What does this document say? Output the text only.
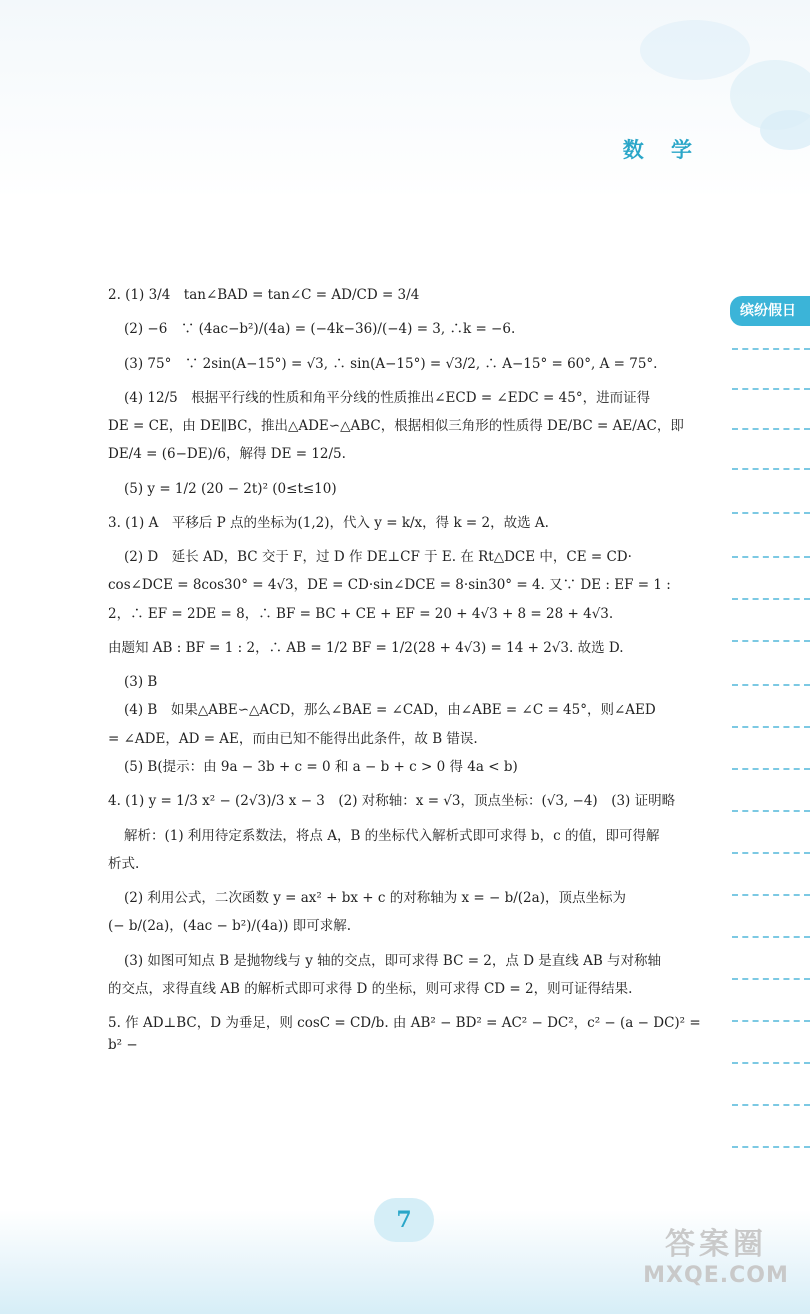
数 学
缤纷假日
2. (1) 3/4　tan∠BAD = tan∠C = AD/CD = 3/4
(2) −6　∵ (4ac−b²)/(4a) = (−4k−36)/(−4) = 3, ∴k = −6.
(3) 75°　∵ 2sin(A−15°) = √3, ∴ sin(A−15°) = √3/2, ∴ A−15° = 60°, A = 75°.
(4) 12/5　根据平行线的性质和角平分线的性质推出∠ECD = ∠EDC = 45°，进而证得
DE = CE，由 DE∥BC，推出△ADE∽△ABC，根据相似三角形的性质得 DE/BC = AE/AC，即
DE/4 = (6−DE)/6，解得 DE = 12/5.
(5) y = 1/2 (20 − 2t)² (0≤t≤10)
3. (1) A　平移后 P 点的坐标为(1,2)，代入 y = k/x，得 k = 2，故选 A.
(2) D　延长 AD，BC 交于 F，过 D 作 DE⊥CF 于 E. 在 Rt△DCE 中，CE = CD·
cos∠DCE = 8cos30° = 4√3，DE = CD·sin∠DCE = 8·sin30° = 4. 又∵ DE : EF = 1 :
2，∴ EF = 2DE = 8，∴ BF = BC + CE + EF = 20 + 4√3 + 8 = 28 + 4√3.
由题知 AB : BF = 1 : 2，∴ AB = 1/2 BF = 1/2(28 + 4√3) = 14 + 2√3. 故选 D.
(3) B
(4) B　如果△ABE∽△ACD，那么∠BAE = ∠CAD，由∠ABE = ∠C = 45°，则∠AED
= ∠ADE，AD = AE，而由已知不能得出此条件，故 B 错误.
(5) B(提示：由 9a − 3b + c = 0 和 a − b + c > 0 得 4a < b)
4. (1) y = 1/3 x² − (2√3)/3 x − 3　(2) 对称轴：x = √3，顶点坐标：(√3, −4)　(3) 证明略
解析：(1) 利用待定系数法，将点 A，B 的坐标代入解析式即可求得 b，c 的值，即可得解
析式.
(2) 利用公式，二次函数 y = ax² + bx + c 的对称轴为 x = − b/(2a)，顶点坐标为
(− b/(2a)，(4ac − b²)/(4a)) 即可求解.
(3) 如图可知点 B 是抛物线与 y 轴的交点，即可求得 BC = 2，点 D 是直线 AB 与对称轴
的交点，求得直线 AB 的解析式即可求得 D 的坐标，则可求得 CD = 2，则可证得结果.
5. 作 AD⊥BC，D 为垂足，则 cosC = CD/b. 由 AB² − BD² = AC² − DC²，c² − (a − DC)² = b² −
7
答案圈
MXQE.COM
